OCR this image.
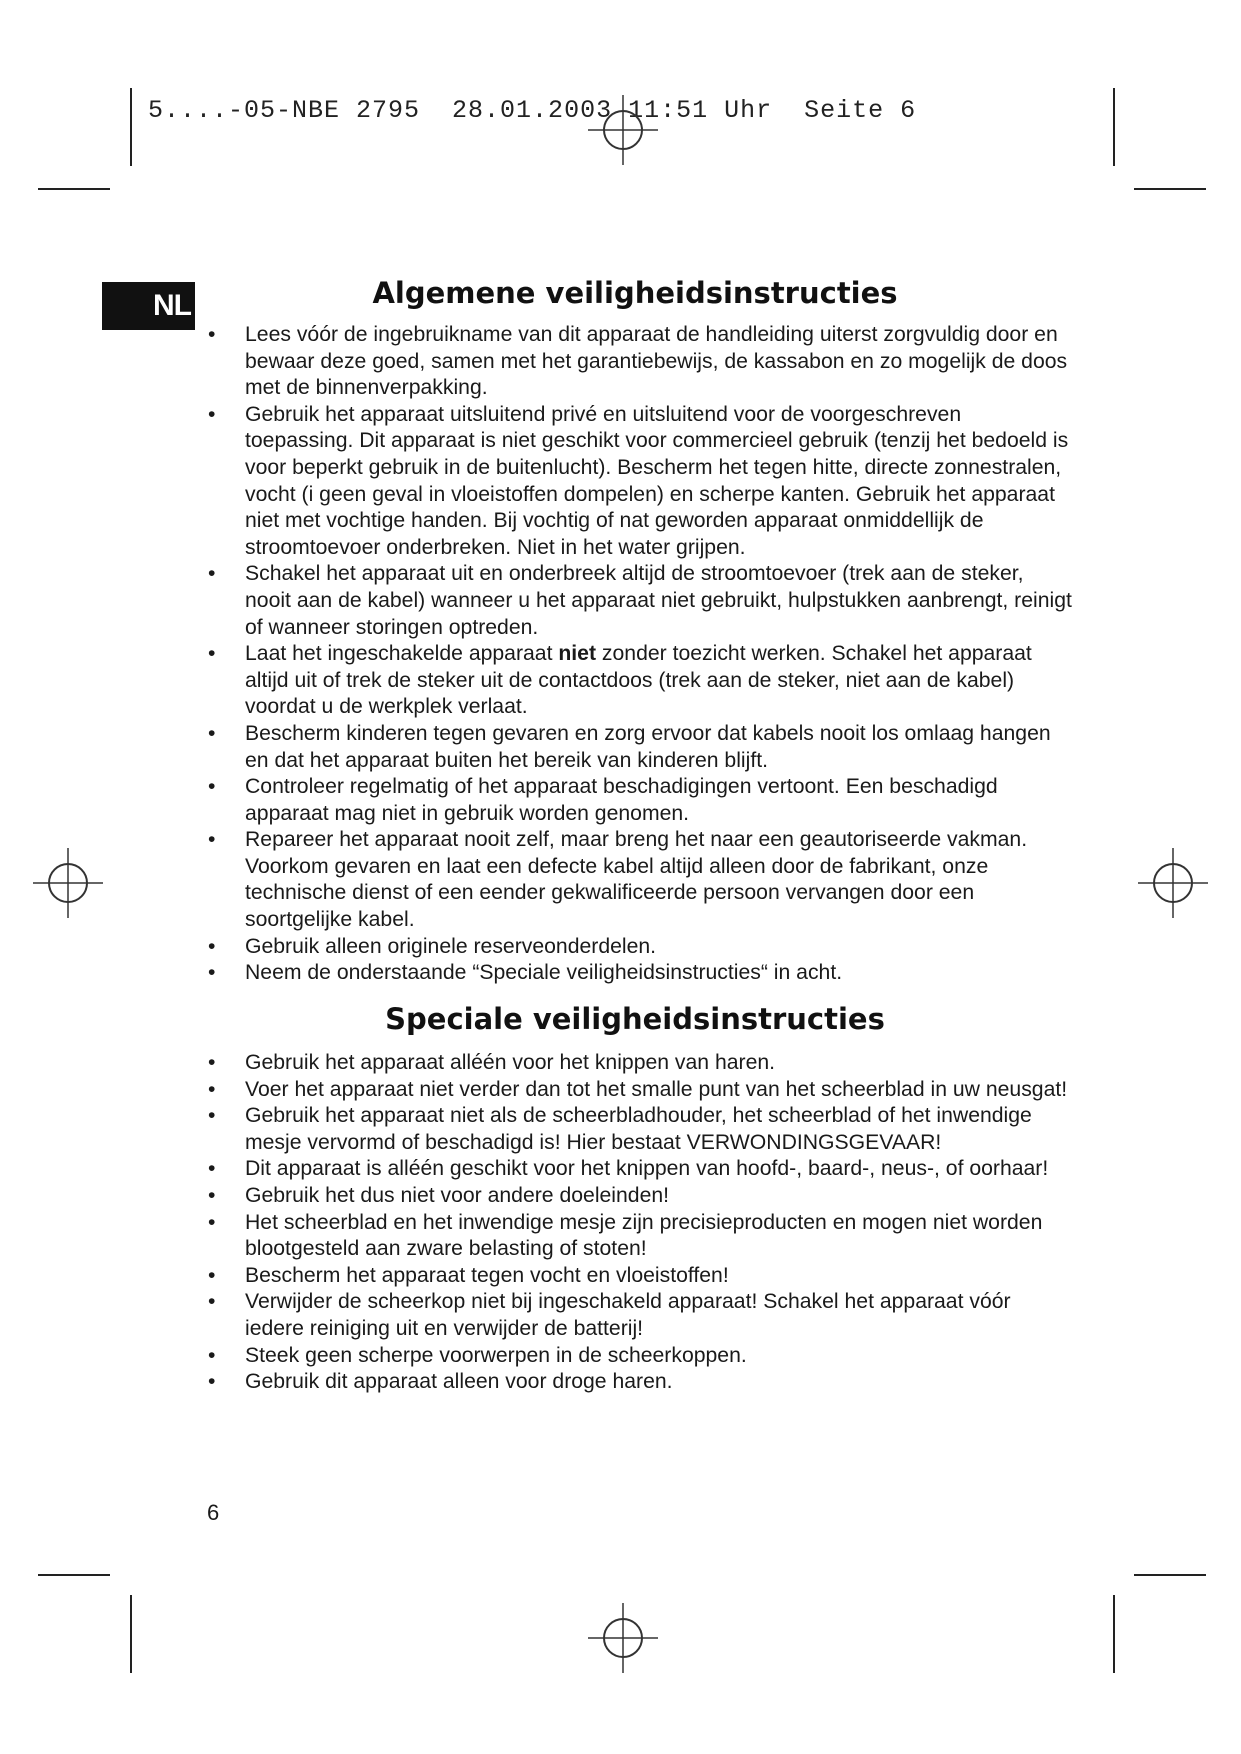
5....-05-NBE 2795  28.01.2003 11:51 Uhr  Seite 6
NL	Algemene veiligheidsinstructies
• Lees vóór de ingebruikname van dit apparaat de handleiding uiterst zorgvuldig door en bewaar deze goed, samen met het garantiebewijs, de kassabon en zo mogelijk de doos met de binnenverpakking.
• Gebruik het apparaat uitsluitend privé en uitsluitend voor de voorgeschreven toepassing. Dit apparaat is niet geschikt voor commercieel gebruik (tenzij het bedoeld is voor beperkt gebruik in de buitenlucht). Bescherm het tegen hitte, directe zonnestralen, vocht (i geen geval in vloeistoffen dompelen) en scherpe kanten. Gebruik het apparaat niet met vochtige handen. Bij vochtig of nat geworden apparaat onmiddellijk de stroomtoevoer onderbreken. Niet in het water grijpen.
• Schakel het apparaat uit en onderbreek altijd de stroomtoevoer (trek aan de steker, nooit aan de kabel) wanneer u het apparaat niet gebruikt, hulpstukken aanbrengt, reinigt of wanneer storingen optreden.
• Laat het ingeschakelde apparaat niet zonder toezicht werken. Schakel het apparaat altijd uit of trek de steker uit de contactdoos (trek aan de steker, niet aan de kabel) voordat u de werkplek verlaat.
• Bescherm kinderen tegen gevaren en zorg ervoor dat kabels nooit los omlaag hangen en dat het apparaat buiten het bereik van kinderen blijft.
• Controleer regelmatig of het apparaat beschadigingen vertoont. Een beschadigd apparaat mag niet in gebruik worden genomen.
• Repareer het apparaat nooit zelf, maar breng het naar een geautoriseerde vakman. Voorkom gevaren en laat een defecte kabel altijd alleen door de fabrikant, onze technische dienst of een eender gekwalificeerde persoon vervangen door een soortgelijke kabel.
• Gebruik alleen originele reserveonderdelen.
• Neem de onderstaande “Speciale veiligheidsinstructies“ in acht.
Speciale veiligheidsinstructies
• Gebruik het apparaat alléén voor het knippen van haren.
• Voer het apparaat niet verder dan tot het smalle punt van het scheerblad in uw neusgat!
• Gebruik het apparaat niet als de scheerbladhouder, het scheerblad of het inwendige mesje vervormd of beschadigd is! Hier bestaat VERWONDINGSGEVAAR!
• Dit apparaat is alléén geschikt voor het knippen van hoofd-, baard-, neus-, of oorhaar!
• Gebruik het dus niet voor andere doeleinden!
• Het scheerblad en het inwendige mesje zijn precisieproducten en mogen niet worden blootgesteld aan zware belasting of stoten!
• Bescherm het apparaat tegen vocht en vloeistoffen!
• Verwijder de scheerkop niet bij ingeschakeld apparaat! Schakel het apparaat vóór iedere reiniging uit en verwijder de batterij!
• Steek geen scherpe voorwerpen in de scheerkoppen.
• Gebruik dit apparaat alleen voor droge haren.
6
